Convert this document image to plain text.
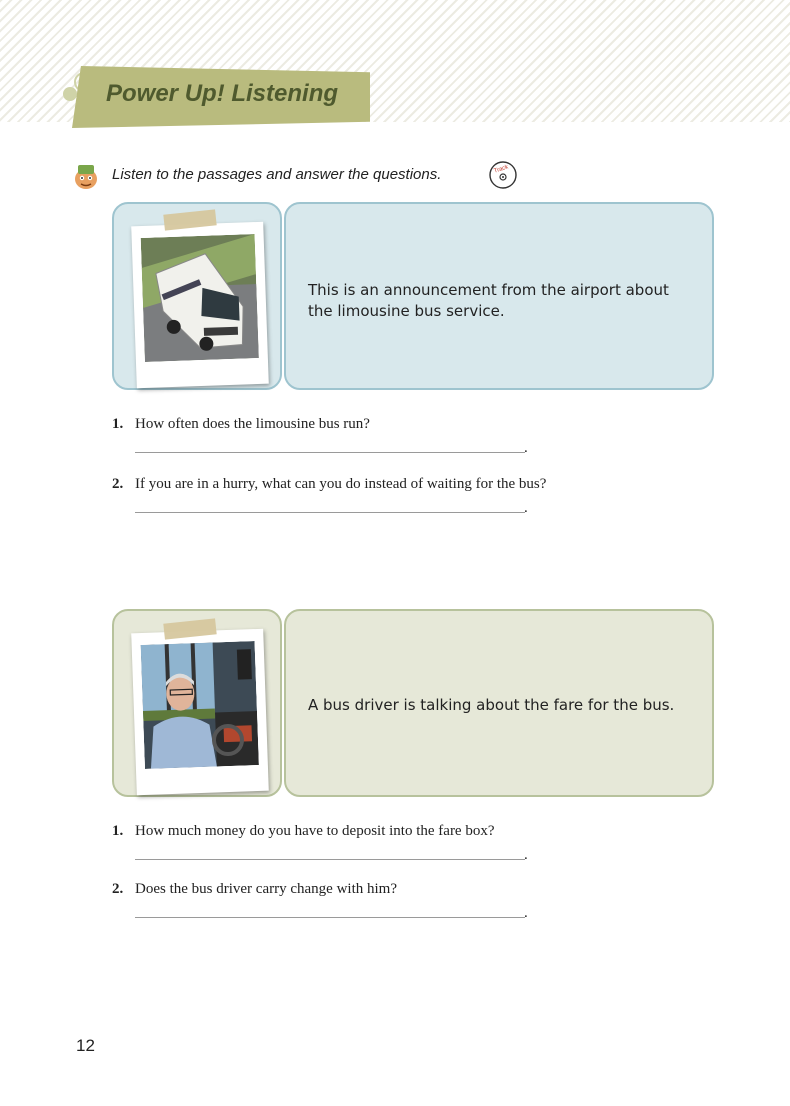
Power Up! Listening
Listen to the passages and answer the questions.	Track
This is an announcement from the airport about the limousine bus service.
1. How often does the limousine bus run?
.
2. If you are in a hurry, what can you do instead of waiting for the bus?
.
A bus driver is talking about the fare for the bus.
1. How much money do you have to deposit into the fare box?
.
2. Does the bus driver carry change with him?
.
12
